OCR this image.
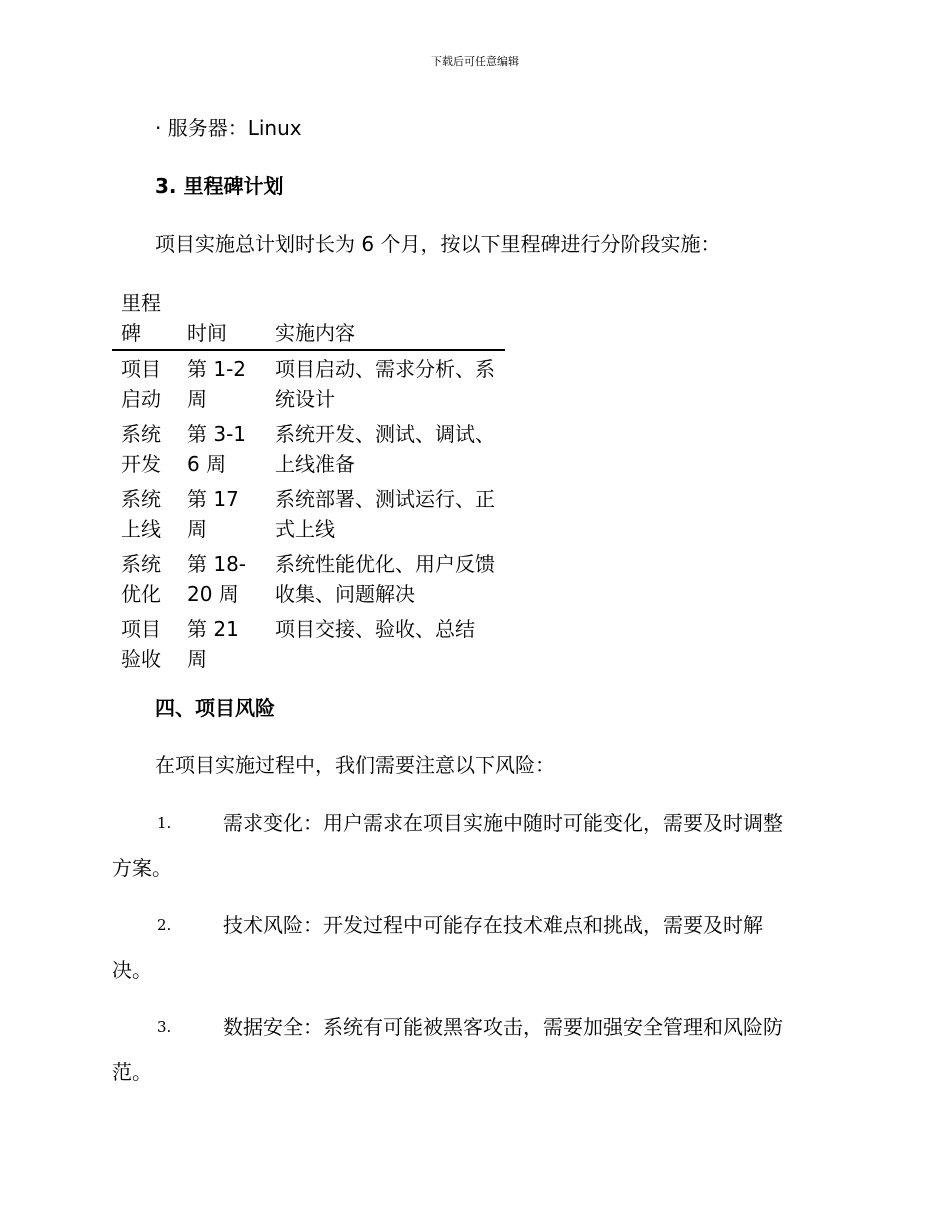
下载后可任意编辑
· 服务器：Linux
3. 里程碑计划
项目实施总计划时长为 6 个月，按以下里程碑进行分阶段实施：
里程碑	时间	实施内容
项目启动	第 1-2 周	项目启动、需求分析、系统设计
系统开发	第 3-16 周	系统开发、测试、调试、上线准备
系统上线	第 17 周	系统部署、测试运行、正式上线
系统优化	第 18-20 周	系统性能优化、用户反馈收集、问题解决
项目验收	第 21 周	项目交接、验收、总结
四、项目风险
在项目实施过程中，我们需要注意以下风险：
1.	需求变化：用户需求在项目实施中随时可能变化，需要及时调整
方案。
2.	技术风险：开发过程中可能存在技术难点和挑战，需要及时解
决。
3.	数据安全：系统有可能被黑客攻击，需要加强安全管理和风险防
范。
